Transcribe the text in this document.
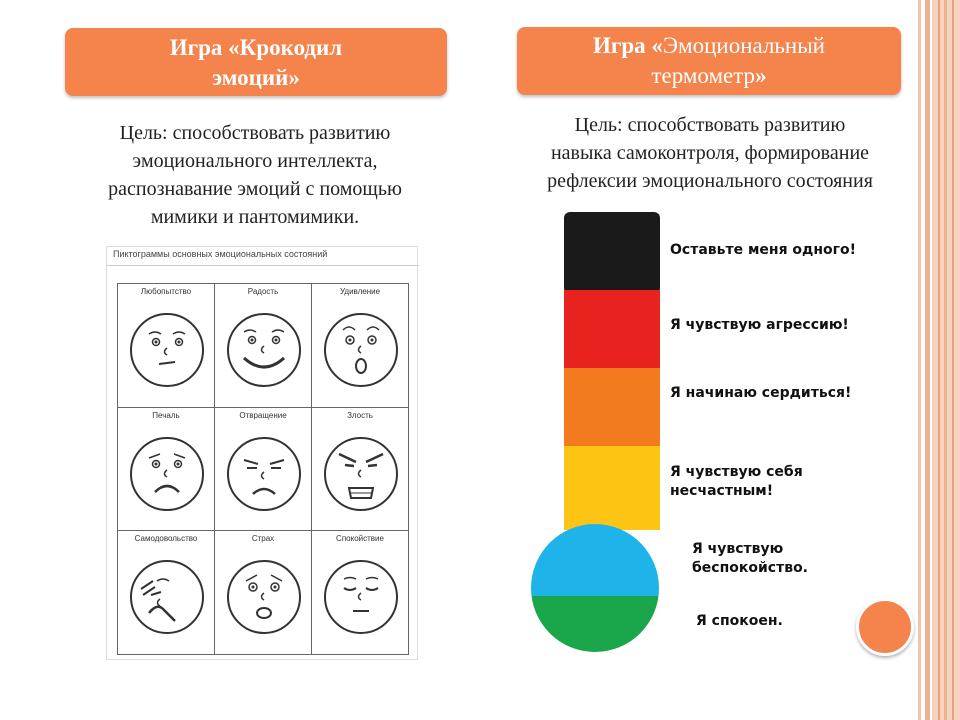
Игра «Крокодил
эмоций»
Игра «Эмоциональный
термометр»
Цель: способствовать развитию
эмоционального интеллекта,
распознавание эмоций с помощью
мимики и пантомимики.
Цель: способствовать развитию
навыка самоконтроля, формирование
рефлексии эмоционального состояния
Пиктограммы основных эмоциональных состояний
Любопытство	Радость	Удивление
Печаль	Отвращение	Злость
Самодовольство	Страх	Спокойствие
Оставьте меня одного!
Я чувствую агрессию!
Я начинаю сердиться!
Я чувствую себя
несчастным!
Я чувствую
беспокойство.
Я спокоен.
